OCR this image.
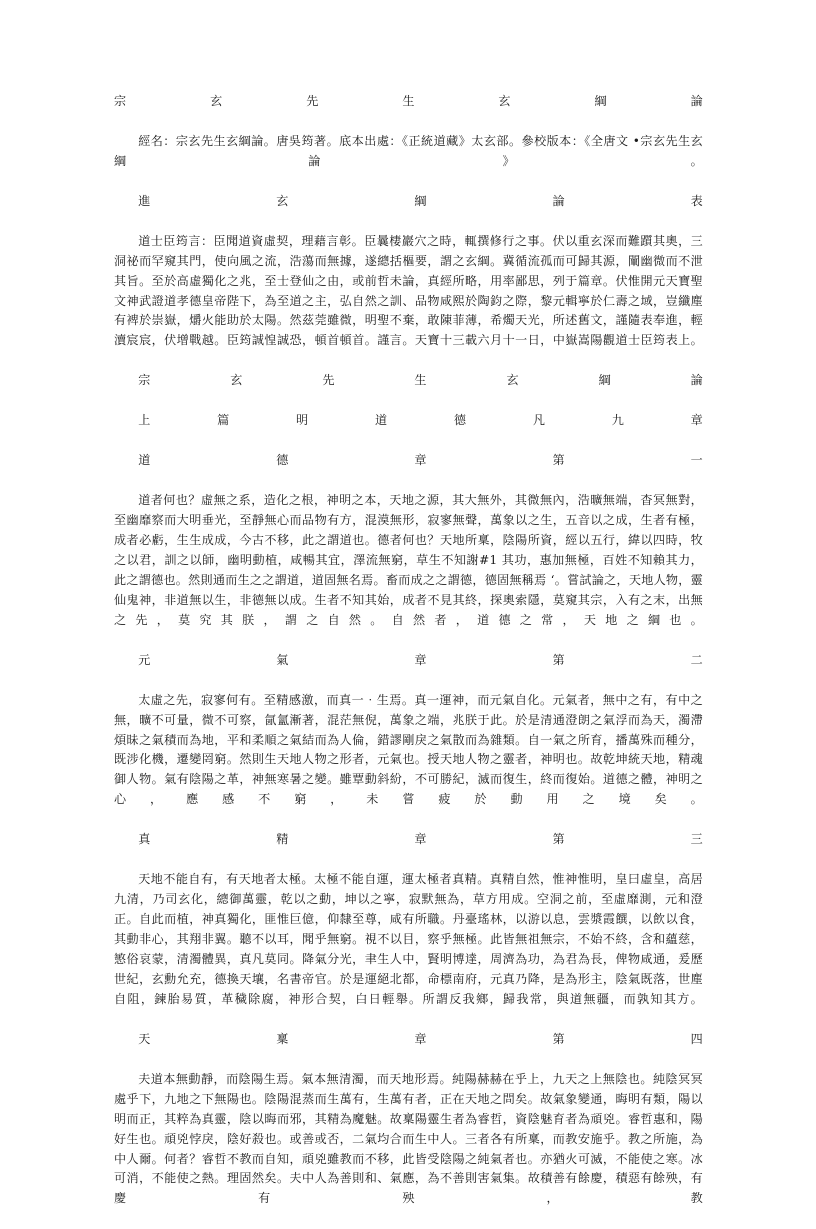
宗玄先生玄綱論

經名：宗玄先生玄綱論。唐吳筠著。底本出處：《正統道藏》太玄部。參校版本：《全唐文 •宗玄先生玄綱論》。

進玄綱論表

道士臣筠言：臣聞道資虛契，理藉言彰。臣曩棲巖穴之時，輒撰修行之事。伏以重玄深而難躓其奧，三洞祕而罕窺其門，使向風之流，浩蕩而無據，遂總括樞要，謂之玄綱。冀循流孤而可歸其源，闡幽微而不泄其旨。至於高虛獨化之兆，至士登仙之由，或前哲未論，真經所略，用率鄙思，列于篇章。伏惟開元天寶聖文神武證道孝德皇帝陛下，為至道之主，弘自然之訓、品物咸熙於陶鈞之際，黎元輯寧於仁壽之域，豈纖塵有裨於崇嶽，爝火能助於太陽。然茲莞雖微，明聖不棄，敢陳菲薄，希燭天光，所述舊文，謹隨表奉進，輕瀆宸宸，伏增戰越。臣筠誠惶誠恐，頓首頓首。謹言。天寶十三載六月十一日，中嶽嵩陽觀道士臣筠表上。

宗玄先生玄綱論

上篇明道德凡九章

道德章第一

道者何也？虛無之系，造化之根，神明之本，天地之源，其大無外，其微無內，浩曠無端，杳冥無對，至幽靡察而大明垂光，至靜無心而品物有方，混漠無形，寂寥無聲，萬象以之生，五音以之成，生者有極，成者必虧，生生成成，今古不移，此之謂道也。德者何也？天地所稟，陰陽所資，經以五行，緯以四時，牧之以君，訓之以師，幽明動植，咸暢其宜，澤流無窮，草生不知謝#1 其功，惠加無極，百姓不知賴其力，此之謂德也。然則通而生之之謂道，道固無名焉。畜而成之之謂德，德固無稱焉 ‘。嘗試論之，天地人物，靈仙鬼神，非道無以生，非德無以成。生者不知其始，成者不見其終，探奧索隱，莫窺其宗，入有之末，出無之先，莫究其朕，謂之自然。自然者，道德之常，天地之綱也。

元氣章第二

太虛之先，寂寥何有。至精感激，而真一‧生焉。真一運神，而元氣自化。元氣者，無中之有，有中之無，曠不可量，微不可察，氤氳漸著，混茫無倪，萬象之端，兆朕于此。於是清通澄朗之氣浮而為天，濁滯煩昧之氣積而為地，平和柔順之氣結而為人倫，錯謬剛戾之氣散而為雜類。自一氣之所育，播萬殊而種分，既涉化機，遷變罔窮。然則生天地人物之形者，元氣也。授天地人物之靈者，神明也。故乾坤統天地，精魂御人物。氣有陰陽之革，神無寒暑之變。雖覃動斜紛，不可勝紀，滅而復生，終而復始。道德之體，神明之心，應感不窮，未嘗疲於動用之境矣。

真精章第三

天地不能自有，有天地者太極。太極不能自運，運太極者真精。真精自然，惟神惟明，皇曰虛皇，高居九清，乃司玄化，總御萬靈，乾以之動，坤以之寧，寂默無為，草方用成。空洞之前，至虛靡測，元和澄正。自此而植，神真獨化，匪惟巨億，仰隸至尊，咸有所職。丹臺瑤林，以游以息，雲漿霞饌，以飲以食，其動非心，其翔非翼。聽不以耳，聞乎無窮。視不以目，察乎無極。此皆無祖無宗，不始不終，含和蘊慈，慜俗哀蒙，清濁體異，真凡莫同。降氣分光，聿生人中，賢明博達，周濟為功，為君為長，俾物咸通，爰歷世紀，玄勳允充，德換天壤，名書帝官。於是運絕北都，命標南府，元真乃降，是為形主，陰氣既落，世塵自阻，鍊胎易質，革穢除腐，神形合契，白日輕舉。所謂反我鄉，歸我常，與道無疆，而孰知其方。

天稟章第四

夫道本無動靜，而陰陽生焉。氣本無清濁，而天地形焉。純陽赫赫在乎上，九天之上無陰也。純陰冥冥處乎下，九地之下無陽也。陰陽混蒸而生萬有，生萬有者，正在天地之問矣。故氣象變通，晦明有類，陽以明而正，其粹為真靈，陰以晦而邪，其精為魔魅。故稟陽靈生者為睿哲，資陰魅育者為頑兇。睿哲惠和，陽好生也。頑兇悖戾，陰好殺也。或善或否，二氣均合而生中人。三者各有所稟，而教安施乎。教之所施，為中人爾。何者？睿哲不教而自知，頑兇雖教而不移，此皆受陰陽之純氣者也。亦猶火可滅，不能使之寒。冰可消，不能使之熱。理固然矣。夫中人為善則和、氣應，為不善則害氣集。故積善有餘慶，積惡有餘殃，有慶有殃，教
